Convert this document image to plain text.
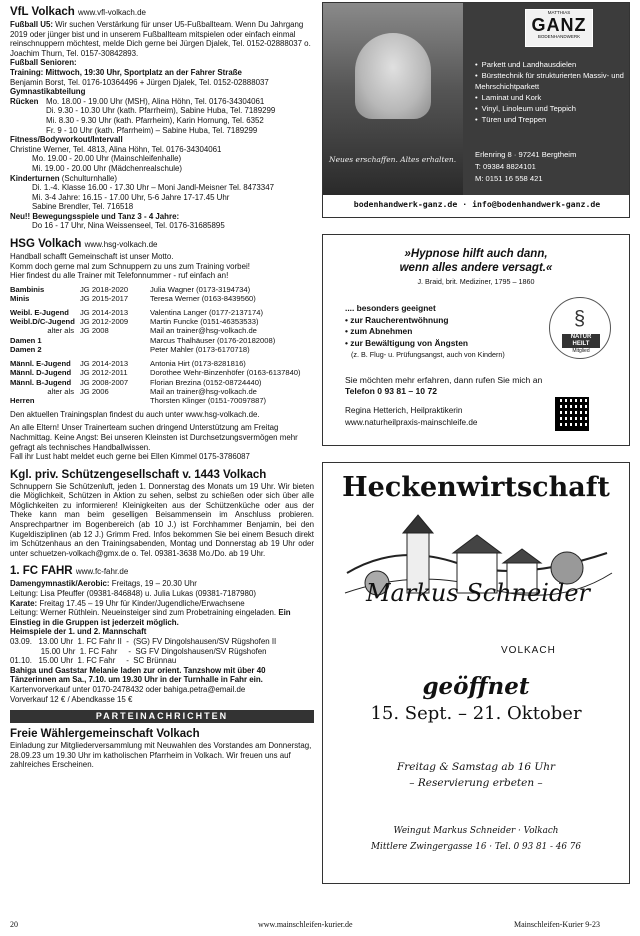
VfL Volkach www.vfl-volkach.de

Fußball U5: Wir suchen Verstärkung für unser U5-Fußballteam. Wenn Du Jahrgang 2019 oder jünger bist und in unserem Fußballteam mitspielen oder einfach einmal reinschnuppern möchtest, melde Dich gerne bei Jürgen Djalek, Tel. 0152-02888037 o. Joachim Thurn, Tel. 0157-30842893.

Fußball Senioren:

Training: Mittwoch, 19:30 Uhr, Sportplatz an der Fahrer Straße

Benjamin Borst, Tel. 0176-10364496 + Jürgen Djalek, Tel. 0152-02888037

Gymnastikabteilung

Rücken Mo. 18.00 - 19.00 Uhr (MSH), Alina Höhn, Tel. 0176-34304061
Di. 9.30 - 10.30 Uhr (kath. Pfarrheim), Sabine Huba, Tel. 7189299
Mi. 8.30 - 9.30 Uhr (kath. Pfarrheim), Karin Hornung, Tel. 6352
Fr. 9 - 10 Uhr (kath. Pfarrheim) – Sabine Huba, Tel. 7189299

Fitness/Bodyworkout/Intervall

Christine Werner, Tel. 4813, Alina Höhn, Tel. 0176-34304061

Mo. 19.00 - 20.00 Uhr (Mainschleifenhalle)

Mi. 19.00 - 20.00 Uhr (Mädchenrealschule)

Kinderturnen (Schulturnhalle)

Di. 1.-4. Klasse 16.00 - 17.30 Uhr – Moni Jandl-Meisner Tel. 8473347

Mi. 3-4 Jahre: 16.15 - 17.00 Uhr, 5-6 Jahre 17-17.45 Uhr

Sabine Brendler, Tel. 716518

Neu!! Bewegungsspiele und Tanz 3 - 4 Jahre:

Do 16 - 17 Uhr, Nina Weissenseel, Tel. 0176-31685895

HSG Volkach www.hsg-volkach.de

Handball schafft Gemeinschaft ist unser Motto.

Komm doch gerne mal zum Schnuppern zu uns zum Training vorbei!

Hier findest du alle Trainer mit Telefonnummer - ruf einfach an!

Bambinis	JG 2018-2020	Julia Wagner (0173-3194734)
Minis	JG 2015-2017	Teresa Werner (0163-8439560)

Weibl. E-Jugend	JG 2014-2013	Valentina Langer (0177-2137174)
Weibl.D/C-Jugend	JG 2012-2009	Martin Funcke (0151-46353533)
alter als	JG 2008	Mail an trainer@hsg-volkach.de
Damen 1		Marcus Thalhäuser (0176-20182008)
Damen 2		Peter Mahler (0173-6170718)

Männl. E-Jugend	JG 2014-2013	Antonia Hirt (0173-8281816)
Männl. D-Jugend	JG 2012-2011	Dorothee Wehr-Binzenhöfer (0163-6137840)
Männl. B-Jugend	JG 2008-2007	Florian Brezina (0152-08724440)
alter als	JG 2006	Mail an trainer@hsg-volkach.de
Herren		Thorsten Klinger (0151-70097887)

Den aktuellen Trainingsplan findest du auch unter www.hsg-volkach.de.

An alle Eltern! Unser Trainerteam suchen dringend Unterstützung am Freitag Nachmittag. Keine Angst: Bei unseren Kleinsten ist Durchsetzungsvermögen mehr gefragt als technisches Handballwissen.

Fall ihr Lust habt meldet euch gerne bei Ellen Kimmel 0175-3786087

Kgl. priv. Schützengesellschaft v. 1443 Volkach

Schnuppern Sie Schützenluft, jeden 1. Donnerstag des Monats um 19 Uhr. Wir bieten die Möglichkeit, Schützen in Aktion zu sehen, selbst zu schießen oder sich über alle Möglichkeiten zu informieren! Kleinigkeiten aus der Schützenküche oder aus der Theke kann man beim geselligen Beisammensein im Anschluss probieren. Ansprechpartner im Bogenbereich (ab 10 J.) ist Forchhammer Benjamin, bei den Kugeldisziplinen (ab 12 J.) Grimm Fred. Infos bekommen Sie bei einem Besuch direkt im Schützenhaus an den Trainingsabenden, Montag und Donnerstag ab 19 Uhr oder unter schuetzen-volkach@gmx.de o. Tel. 09381-3638 Mo./Do. ab 19 Uhr.

1. FC FAHR www.fc-fahr.de

Damengymnastik/Aerobic: Freitags, 19 – 20.30 Uhr

Leitung: Lisa Pfeuffer (09381-846848) u. Julia Lukas (09381-7187980)

Karate: Freitag 17.45 – 19 Uhr für Kinder/Jugendliche/Erwachsene

Leitung: Werner Rüthlein. Neueinsteiger sind zum Probetraining eingeladen. Ein Einstieg in die Gruppen ist jederzeit möglich.

Heimspiele der 1. und 2. Mannschaft

03.09.   13.00 Uhr  1. FC Fahr II  -  (SG) FV Dingolshausen/SV Rügshofen II

15.00 Uhr  1. FC Fahr     -  SG FV Dingolshausen/SV Rügshofen

01.10.   15.00 Uhr  1. FC Fahr     -  SC Brünnau

Bahiga und Gaststar Melanie laden zur orient. Tanzshow mit über 40 Tänzerinnen am Sa., 7.10. um 19.30 Uhr in der Turnhalle in Fahr ein.

Kartenvorverkauf unter 0170-2478432 oder bahiga.petra@email.de

Vorverkauf 12 € / Abendkasse 15 €

PARTEINACHRICHTEN
Freie Wählergemeinschaft Volkach

Einladung zur Mitgliederversammlung mit Neuwahlen des Vorstandes am Donnerstag, 28.09.23 um 19.30 Uhr im katholischen Pfarrheim in Volkach. Wir freuen uns auf zahlreiches Erscheinen.

Neues erschaffen. Altes erhalten.
MATTHIAS
GANZ
BODENHANDWERK
• Parkett und Landhausdielen
• Bürsttechnik für strukturierten Massiv- und Mehrschichtparkett
• Laminat und Kork
• Vinyl, Linoleum und Teppich
• Türen und Treppen
Erlenring 8 · 97241 Bergtheim
T: 09384 8824101
M: 0151 16 558 421
bodenhandwerk-ganz.de · info@bodenhandwerk-ganz.de
»Hypnose hilft auch dann,
wenn alles andere versagt.«
J. Braid, brit. Mediziner, 1795 – 1860
.... besonders geeignet
• zur Raucherentwöhnung
• zum Abnehmen
• zur Bewältigung von Ängsten
(z. B. Flug- u. Prüfungsangst, auch von Kindern)
§
NATUR HEILT
Mitglied
Sie möchten mehr erfahren, dann rufen Sie mich an
Telefon 0 93 81 – 10 72
Regina Hetterich, Heilpraktikerin
www.naturheilpraxis-mainschleife.de
Heckenwirtschaft
Markus Schneider
VOLKACH
geöffnet
15. Sept. – 21. Oktober
Freitag & Samstag ab 16 Uhr
– Reservierung erbeten –
Weingut Markus Schneider · Volkach
Mittlere Zwingergasse 16 · Tel. 0 93 81 - 46 76
20	www.mainschleifen-kurier.de	Mainschleifen-Kurier 9-23
